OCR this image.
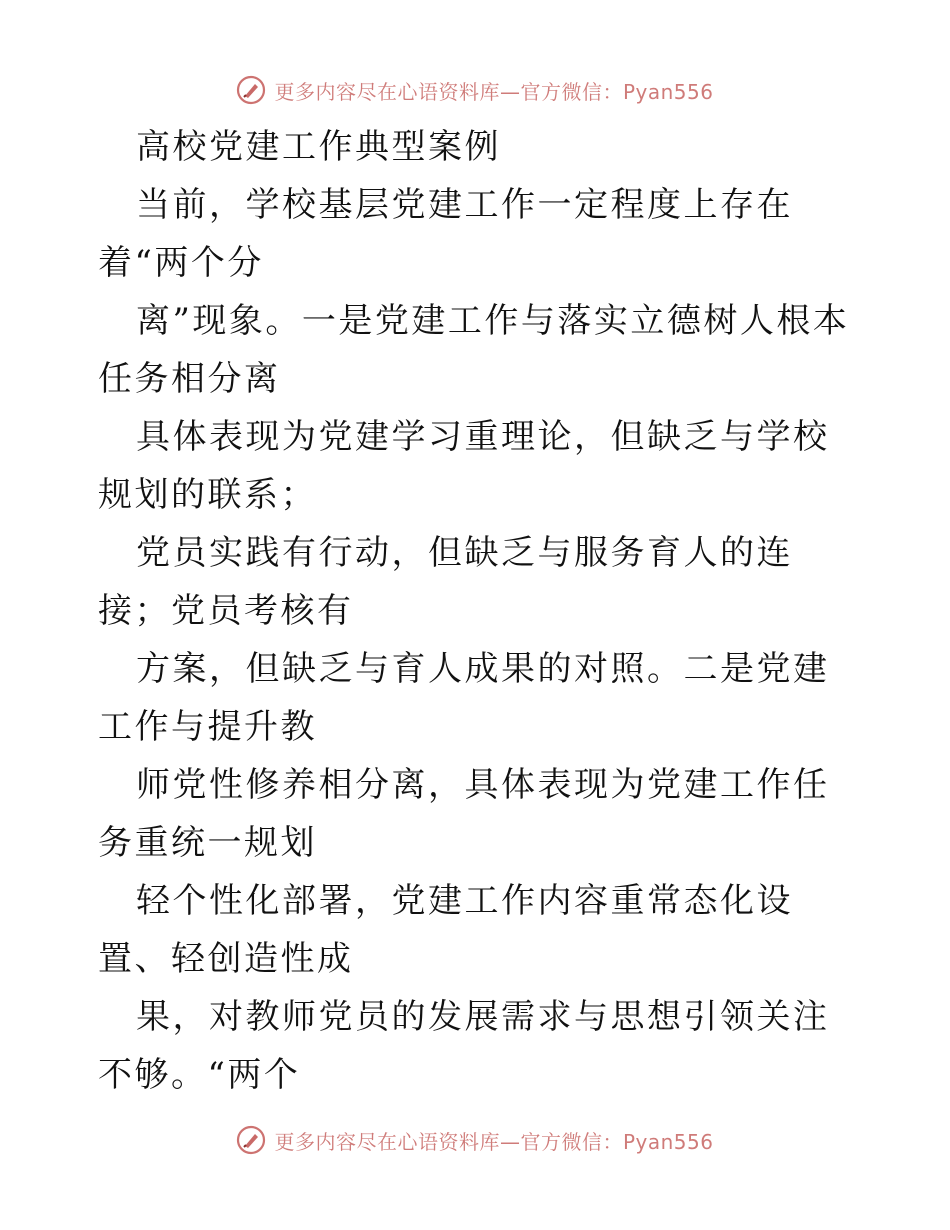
更多内容尽在心语资料库—官方微信：Pyan556

高校党建工作典型案例

当前，学校基层党建工作一定程度上存在着“两个分

离”现象。一是党建工作与落实立德树人根本任务相分离

具体表现为党建学习重理论，但缺乏与学校规划的联系；

党员实践有行动，但缺乏与服务育人的连接；党员考核有

方案，但缺乏与育人成果的对照。二是党建工作与提升教

师党性修养相分离，具体表现为党建工作任务重统一规划

轻个性化部署，党建工作内容重常态化设置、轻创造性成

果，对教师党员的发展需求与思想引领关注不够。“两个

更多内容尽在心语资料库—官方微信：Pyan556
